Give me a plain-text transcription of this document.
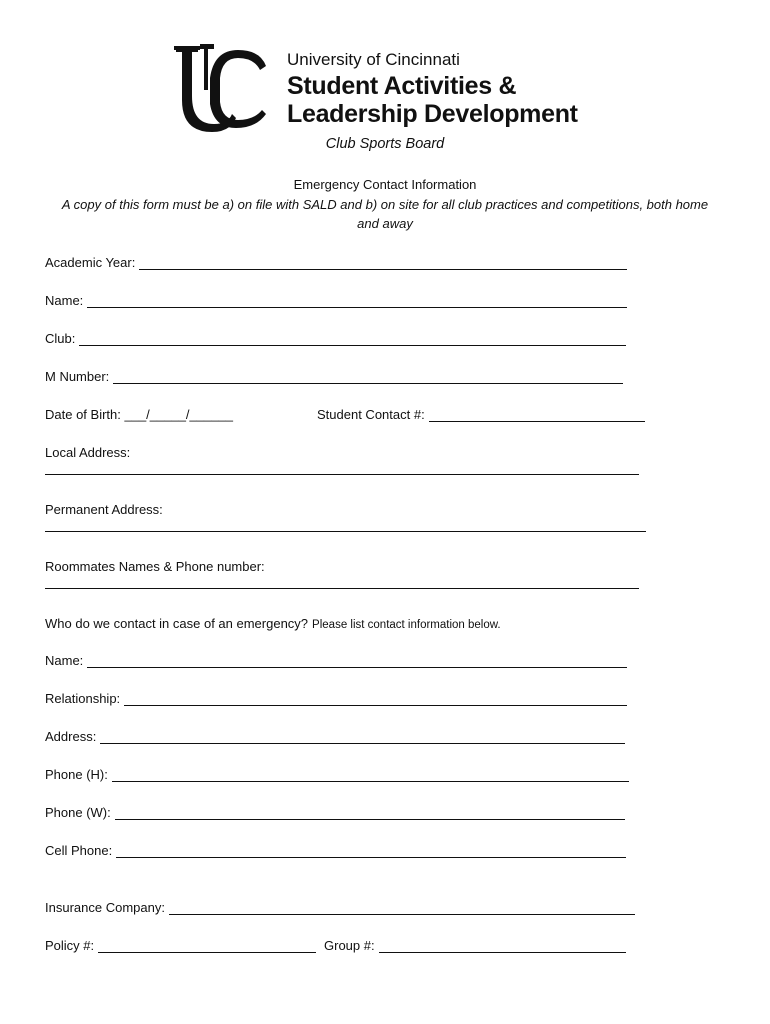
University of Cincinnati
Student Activities &
Leadership Development
Club Sports Board
Emergency Contact Information
A copy of this form must be a) on file with SALD and b) on site for all club practices and competitions, both home and away
Academic Year:
Name:
Club:
M Number:
Date of Birth: ___/_____/______	Student Contact #:
Local Address:
Permanent Address:
Roommates Names & Phone number:
Who do we contact in case of an emergency? Please list contact information below.
Name:
Relationship:
Address:
Phone (H):
Phone (W):
Cell Phone:
Insurance Company:
Policy #:	Group #:
